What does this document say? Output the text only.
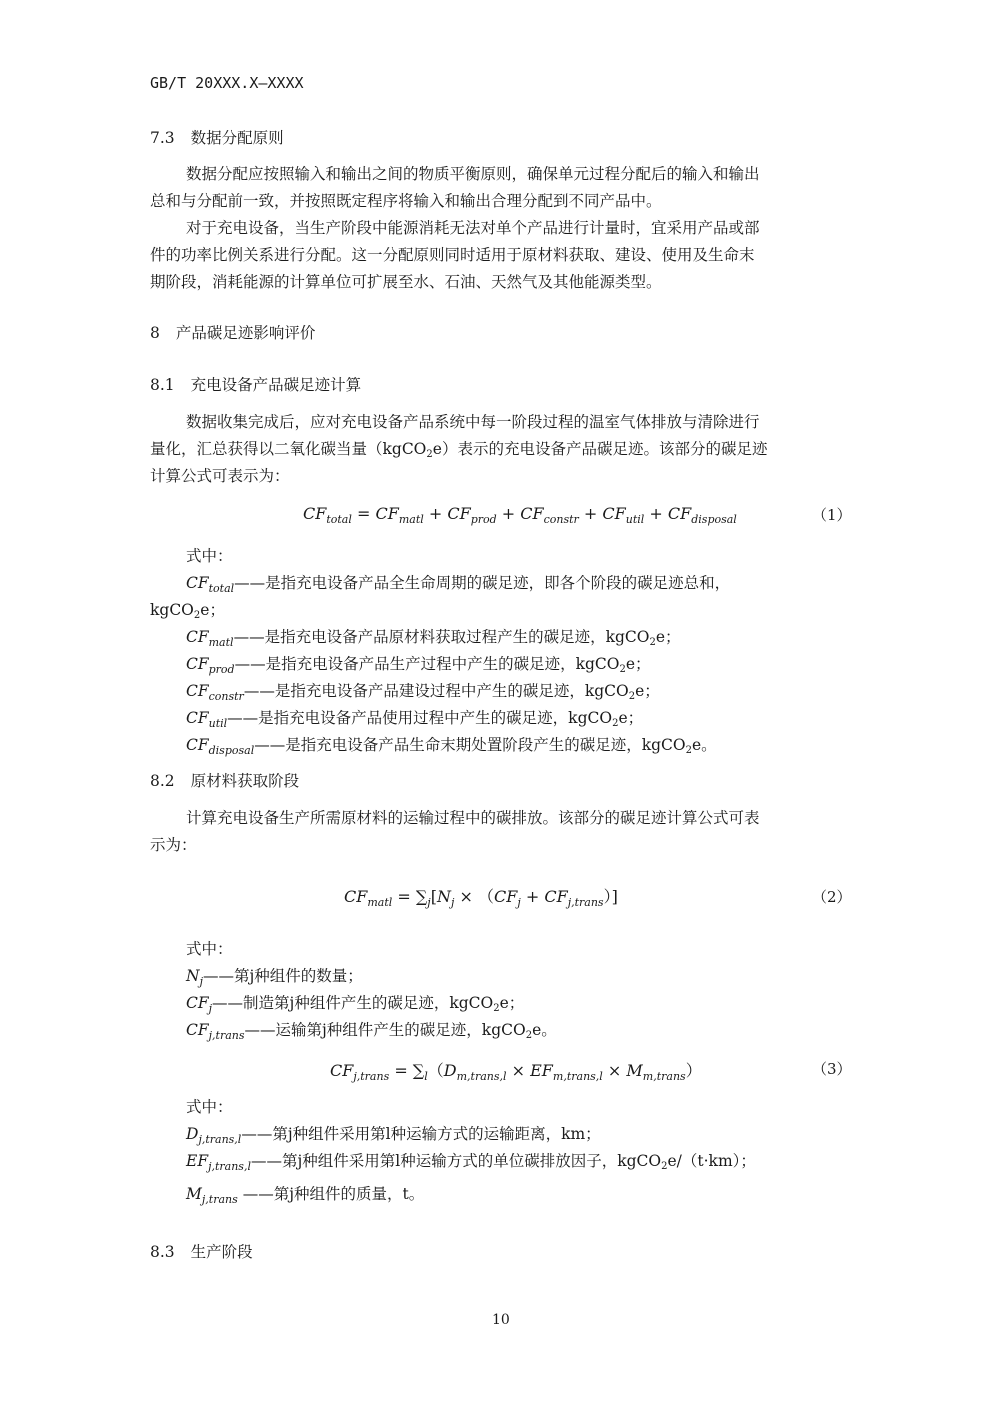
GB/T 20XXX.X—XXXX
7.3 数据分配原则
数据分配应按照输入和输出之间的物质平衡原则，确保单元过程分配后的输入和输出
总和与分配前一致，并按照既定程序将输入和输出合理分配到不同产品中。
对于充电设备，当生产阶段中能源消耗无法对单个产品进行计量时，宜采用产品或部
件的功率比例关系进行分配。这一分配原则同时适用于原材料获取、建设、使用及生命末
期阶段，消耗能源的计算单位可扩展至水、石油、天然气及其他能源类型。
8 产品碳足迹影响评价
8.1 充电设备产品碳足迹计算
数据收集完成后，应对充电设备产品系统中每一阶段过程的温室气体排放与清除进行
量化，汇总获得以二氧化碳当量（kgCO$_2$e）表示的充电设备产品碳足迹。该部分的碳足迹
计算公式可表示为：
$CF_{total} = CF_{matl} + CF_{prod} + CF_{constr} + CF_{util} + CF_{disposal}$	（1）
式中：
$CF_{total}——$是指充电设备产品全生命周期的碳足迹，即各个阶段的碳足迹总和，
kgCO$_2$e；
$CF_{matl}——$是指充电设备产品原材料获取过程产生的碳足迹，kgCO$_2$e；
$CF_{prod}——$是指充电设备产品生产过程中产生的碳足迹，kgCO$_2$e；
$CF_{constr}——$是指充电设备产品建设过程中产生的碳足迹，kgCO$_2$e；
$CF_{util}——$是指充电设备产品使用过程中产生的碳足迹，kgCO$_2$e；
$CF_{disposal}——$是指充电设备产品生命末期处置阶段产生的碳足迹，kgCO$_2$e。
8.2 原材料获取阶段
计算充电设备生产所需原材料的运输过程中的碳排放。该部分的碳足迹计算公式可表
示为：
$CF_{matl} = \sum_j[N_j \times (CF_j + CF_{j,trans})]$	（2）
式中：
$N_j——$第j种组件的数量；
$CF_j——$制造第j种组件产生的碳足迹，kgCO$_2$e；
$CF_{j,trans}——$运输第j种组件产生的碳足迹，kgCO$_2$e。
$CF_{j,trans} = \sum_l(D_{m,trans,l} \times EF_{m,trans,l} \times M_{m,trans})$	（3）
式中：
$D_{j,trans,l}——$第j种组件采用第l种运输方式的运输距离，km；
$EF_{j,trans,l}——$第j种组件采用第l种运输方式的单位碳排放因子，kgCO$_2$e/（t·km）；
$M_{j,trans}$ ——第j种组件的质量，t。
8.3 生产阶段
10
